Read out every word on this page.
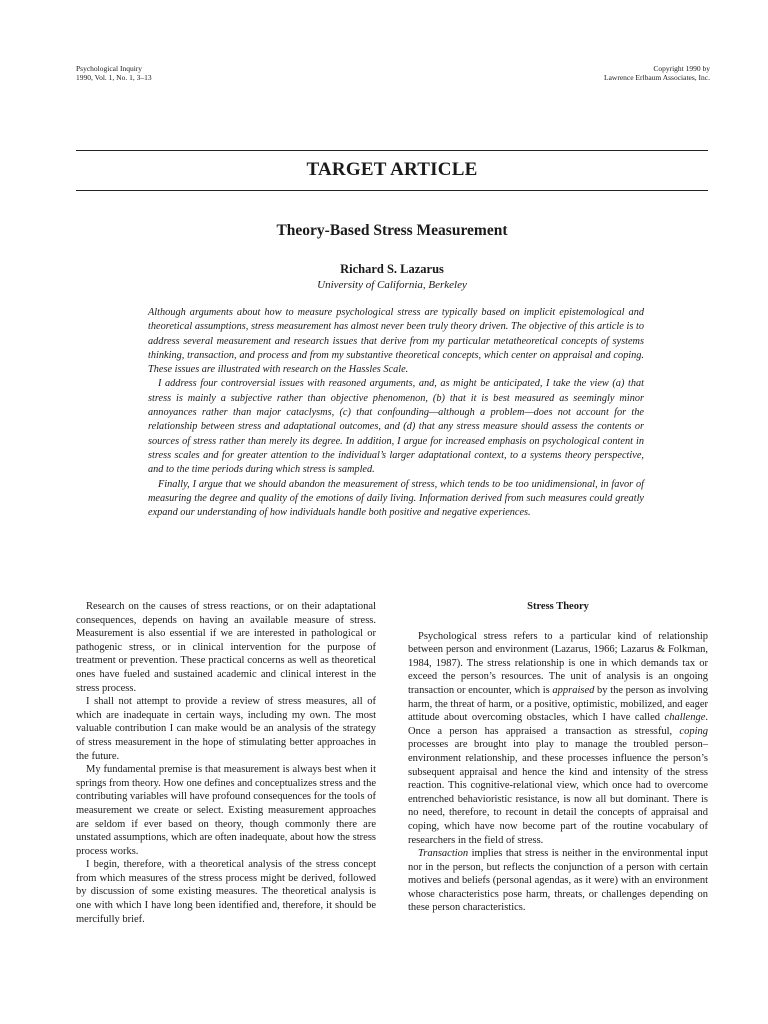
Psychological Inquiry
1990, Vol. 1, No. 1, 3–13
Copyright 1990 by
Lawrence Erlbaum Associates, Inc.
TARGET ARTICLE
Theory-Based Stress Measurement
Richard S. Lazarus
University of California, Berkeley

Although arguments about how to measure psychological stress are typically based on implicit epistemological and theoretical assumptions, stress measurement has almost never been truly theory driven. The objective of this article is to address several measurement and research issues that derive from my particular metatheoretical concepts of systems thinking, transaction, and process and from my substantive theoretical concepts, which center on appraisal and coping. These issues are illustrated with research on the Hassles Scale.

I address four controversial issues with reasoned arguments, and, as might be anticipated, I take the view (a) that stress is mainly a subjective rather than objective phenomenon, (b) that it is best measured as seemingly minor annoyances rather than major cataclysms, (c) that confounding—although a problem—does not account for the relationship between stress and adaptational outcomes, and (d) that any stress measure should assess the contents or sources of stress rather than merely its degree. In addition, I argue for increased emphasis on psychological content in stress scales and for greater attention to the individual’s larger adaptational context, to a systems theory perspective, and to the time periods during which stress is sampled.

Finally, I argue that we should abandon the measurement of stress, which tends to be too unidimensional, in favor of measuring the degree and quality of the emotions of daily living. Information derived from such measures could greatly expand our understanding of how individuals handle both positive and negative experiences.

Research on the causes of stress reactions, or on their adaptational consequences, depends on having an available measure of stress. Measurement is also essential if we are interested in pathological or pathogenic stress, or in clinical intervention for the purpose of treatment or prevention. These practical concerns as well as theoretical ones have fueled and sustained academic and clinical interest in the stress process.

I shall not attempt to provide a review of stress measures, all of which are inadequate in certain ways, including my own. The most valuable contribution I can make would be an analysis of the strategy of stress measurement in the hope of stimulating better approaches in the future.

My fundamental premise is that measurement is always best when it springs from theory. How one defines and conceptualizes stress and the contributing variables will have profound consequences for the tools of measurement we create or select. Existing measurement approaches are seldom if ever based on theory, though commonly there are unstated assumptions, which are often inadequate, about how the stress process works.

I begin, therefore, with a theoretical analysis of the stress concept from which measures of the stress process might be derived, followed by discussion of some existing measures. The theoretical analysis is one with which I have long been identified and, therefore, it should be mercifully brief.

Stress Theory

Psychological stress refers to a particular kind of relationship between person and environment (Lazarus, 1966; Lazarus & Folkman, 1984, 1987). The stress relationship is one in which demands tax or exceed the person’s resources. The unit of analysis is an ongoing transaction or encounter, which is appraised by the person as involving harm, the threat of harm, or a positive, optimistic, mobilized, and eager attitude about overcoming obstacles, which I have called challenge. Once a person has appraised a transaction as stressful, coping processes are brought into play to manage the troubled person–environment relationship, and these processes influence the person’s subsequent appraisal and hence the kind and intensity of the stress reaction. This cognitive-relational view, which once had to overcome entrenched behavioristic resistance, is now all but dominant. There is no need, therefore, to recount in detail the concepts of appraisal and coping, which have now become part of the routine vocabulary of researchers in the field of stress.

Transaction implies that stress is neither in the environmental input nor in the person, but reflects the conjunction of a person with certain motives and beliefs (personal agendas, as it were) with an environment whose characteristics pose harm, threats, or challenges depending on these person characteristics.
